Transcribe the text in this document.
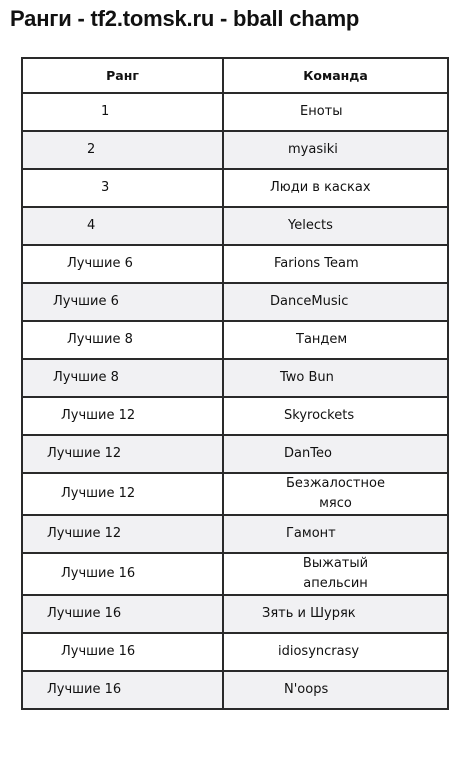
Ранги - tf2.tomsk.ru - bball champ
Ранг	Команда

1	Еноты

2	myasiki

3	Люди в касках

4	Yelects

Лучшие 6	Farions Team

Лучшие 6	DanceMusic

Лучшие 8	Тандем

Лучшие 8	Two Bun

Лучшие 12	Skyrockets

Лучшие 12	DanTeo

Лучшие 12	Безжалостное мясо

Лучшие 12	Гамонт

Лучшие 16	Выжатый апельсин

Лучшие 16	Зять и Шуряк

Лучшие 16	idiosyncrasy

Лучшие 16	N'oops
